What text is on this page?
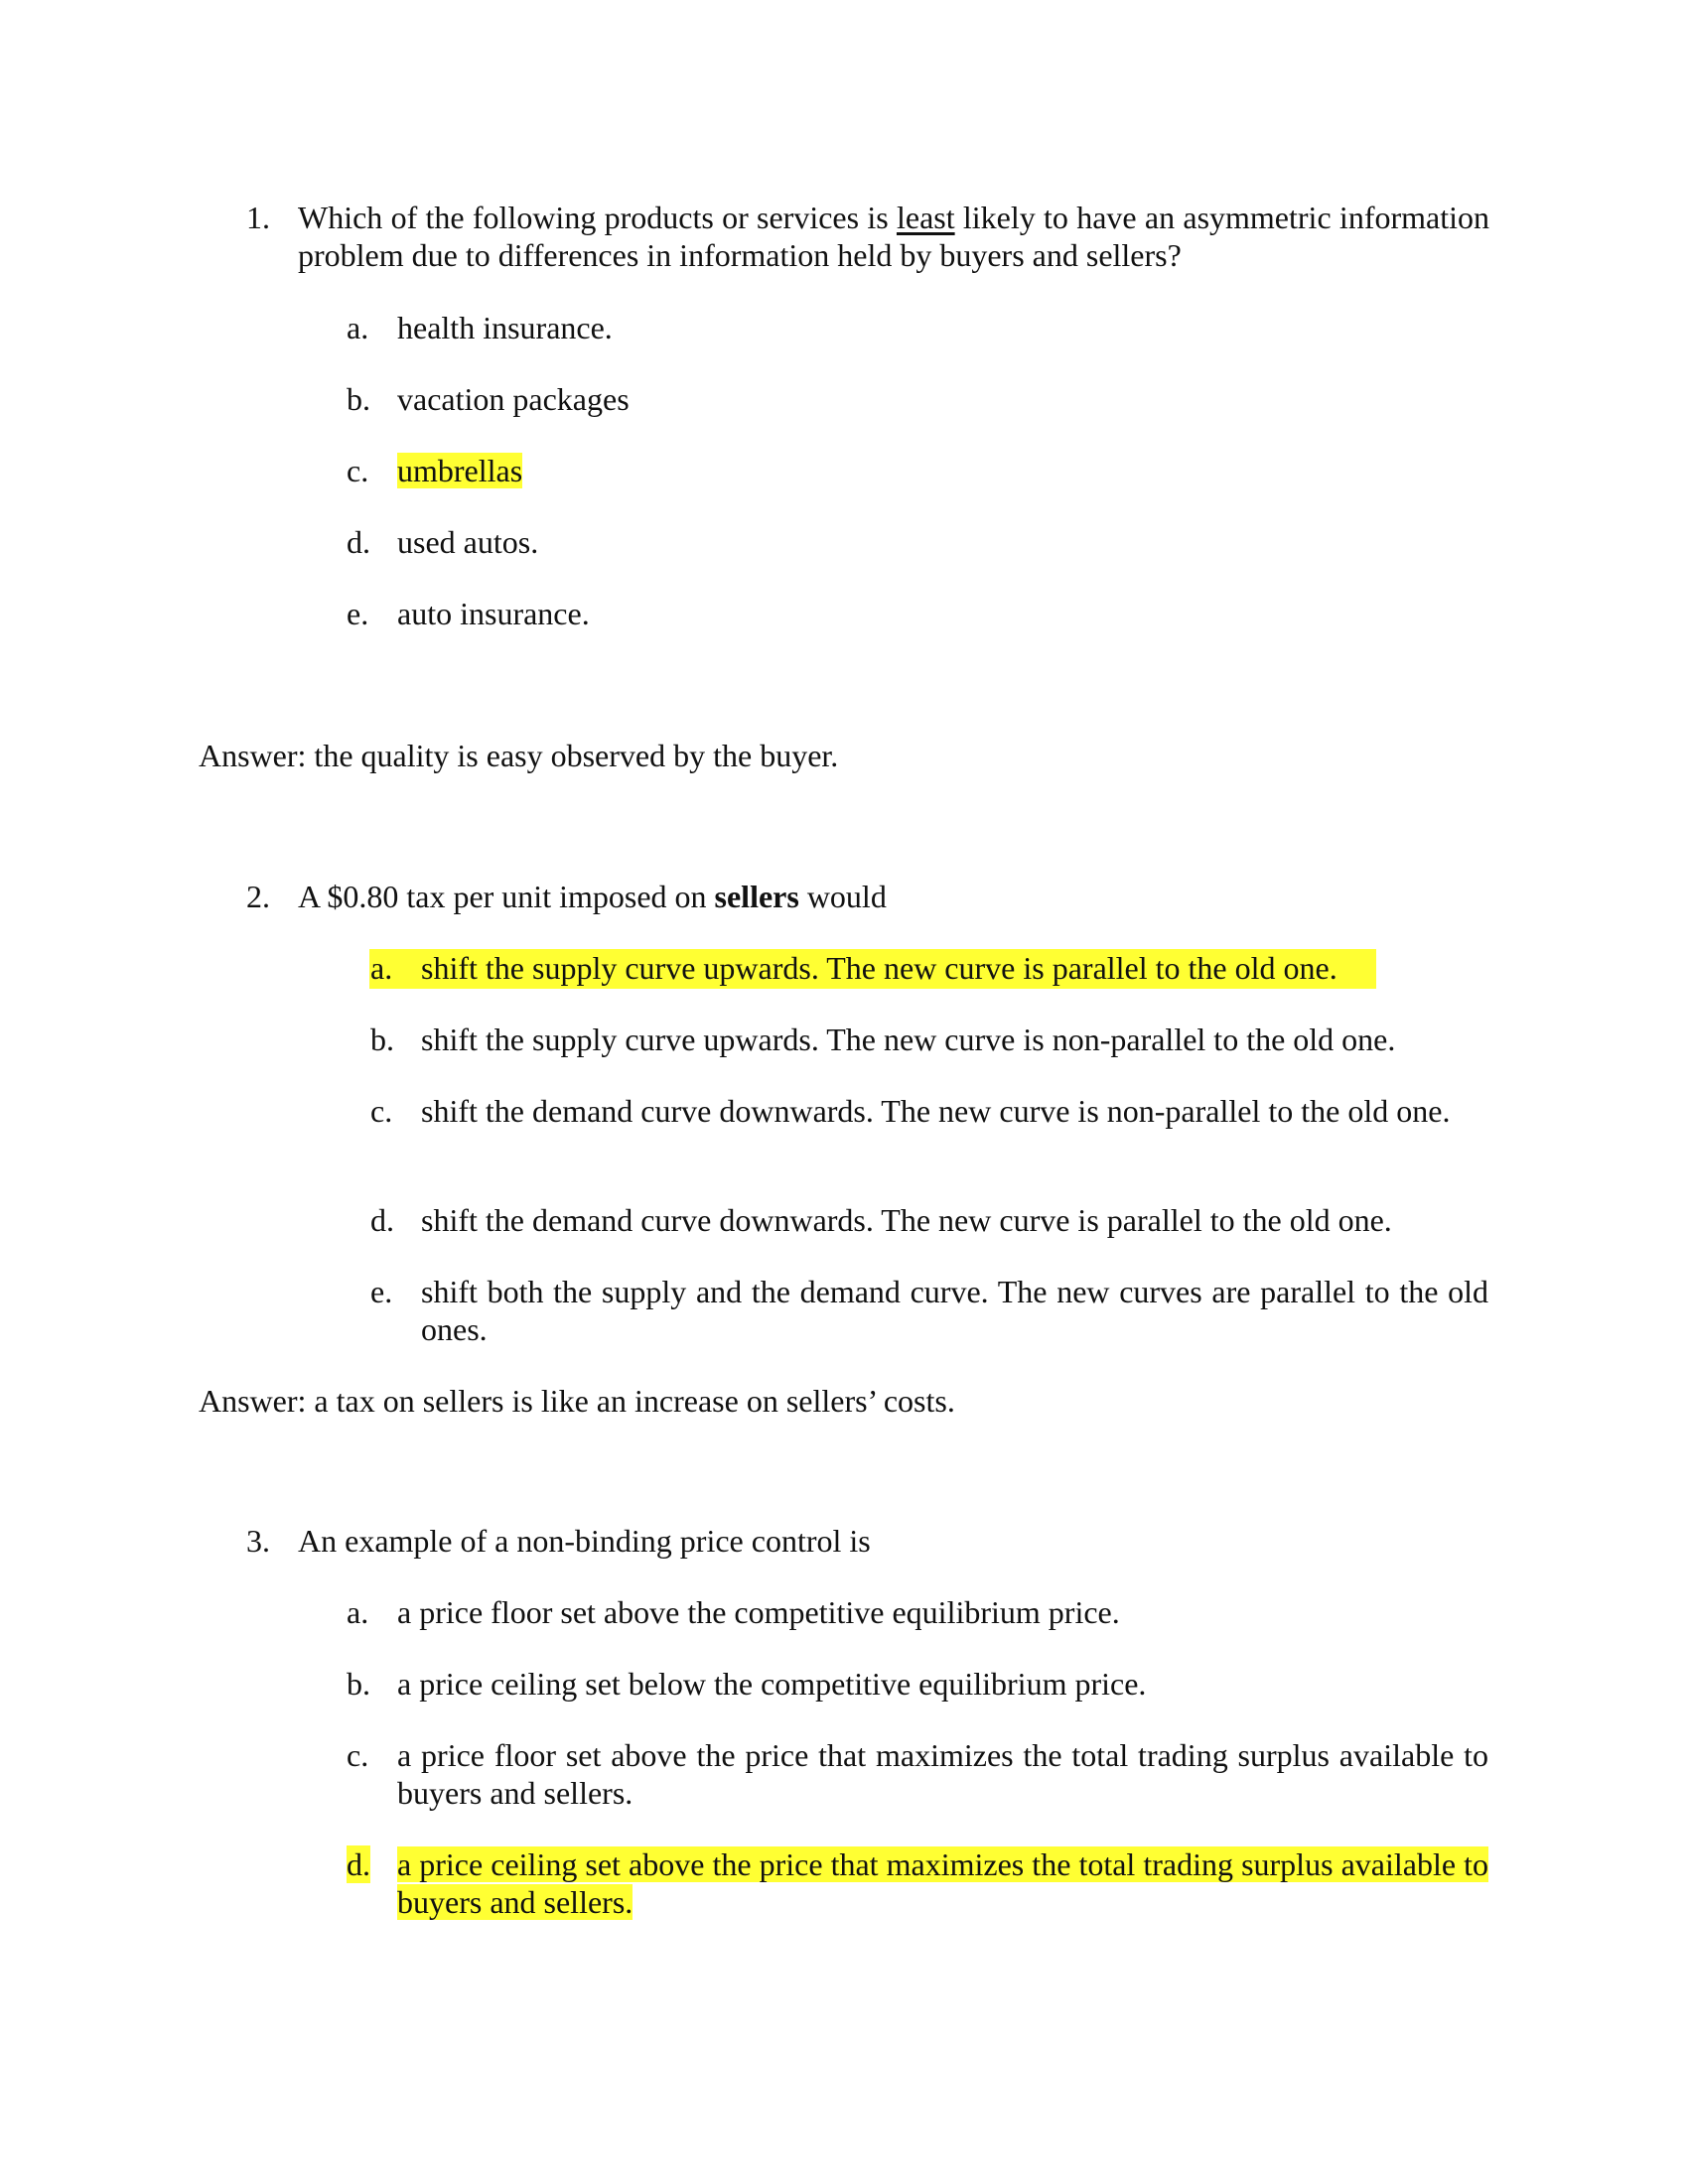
1. Which of the following products or services is least likely to have an asymmetric information problem due to differences in information held by buyers and sellers?
a. health insurance.
b. vacation packages
c. umbrellas
d. used autos.
e. auto insurance.
Answer: the quality is easy observed by the buyer.
2. A $0.80 tax per unit imposed on sellers would
a. shift the supply curve upwards. The new curve is parallel to the old one.
b. shift the supply curve upwards. The new curve is non-parallel to the old one.
c. shift the demand curve downwards. The new curve is non-parallel to the old one.
d. shift the demand curve downwards. The new curve is parallel to the old one.
e. shift both the supply and the demand curve. The new curves are parallel to the old ones.
Answer: a tax on sellers is like an increase on sellers’ costs.
3. An example of a non-binding price control is
a. a price floor set above the competitive equilibrium price.
b. a price ceiling set below the competitive equilibrium price.
c. a price floor set above the price that maximizes the total trading surplus available to buyers and sellers.
d. a price ceiling set above the price that maximizes the total trading surplus available to buyers and sellers.
